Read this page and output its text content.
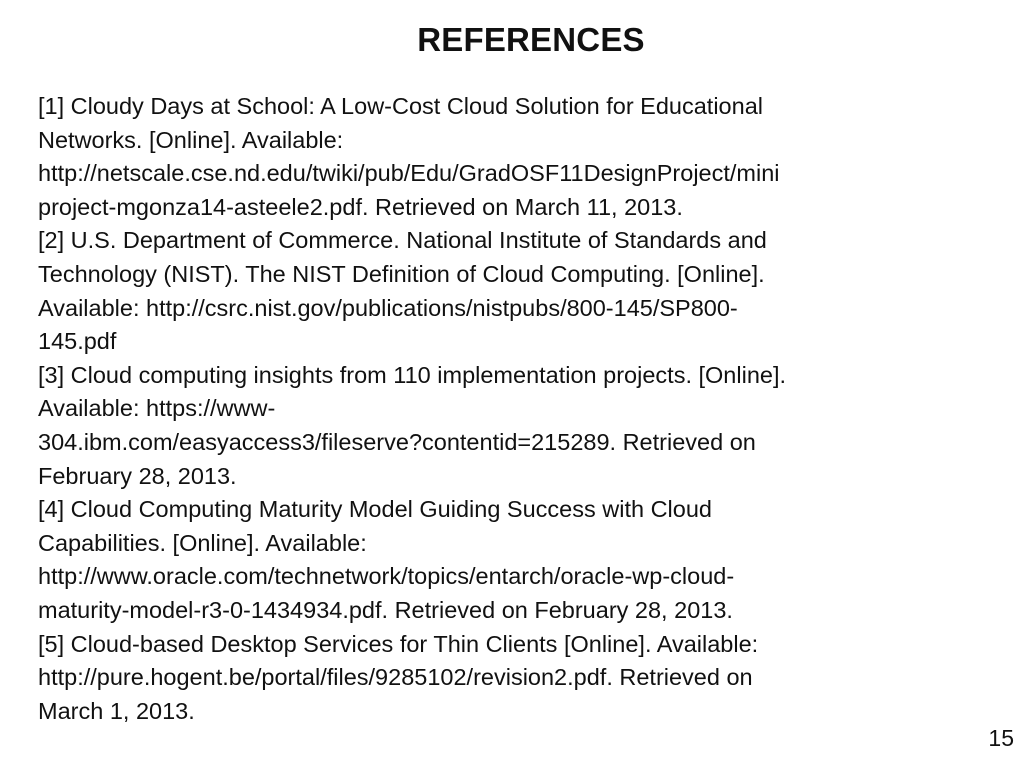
REFERENCES
[1] Cloudy Days at School: A Low-Cost Cloud Solution for Educational
Networks. [Online]. Available:
http://netscale.cse.nd.edu/twiki/pub/Edu/GradOSF11DesignProject/mini
project-mgonza14-asteele2.pdf. Retrieved on March 11, 2013.
[2] U.S. Department of Commerce. National Institute of Standards and
Technology (NIST). The NIST Definition of Cloud Computing. [Online].
Available: http://csrc.nist.gov/publications/nistpubs/800-145/SP800-
145.pdf
[3] Cloud computing insights from 110 implementation projects. [Online].
Available: https://www-
304.ibm.com/easyaccess3/fileserve?contentid=215289. Retrieved on
February 28, 2013.
[4] Cloud Computing Maturity Model Guiding Success with Cloud
Capabilities. [Online]. Available:
http://www.oracle.com/technetwork/topics/entarch/oracle-wp-cloud-
maturity-model-r3-0-1434934.pdf. Retrieved on February 28, 2013.
[5] Cloud-based Desktop Services for Thin Clients [Online]. Available:
http://pure.hogent.be/portal/files/9285102/revision2.pdf. Retrieved on
March 1, 2013.
15
